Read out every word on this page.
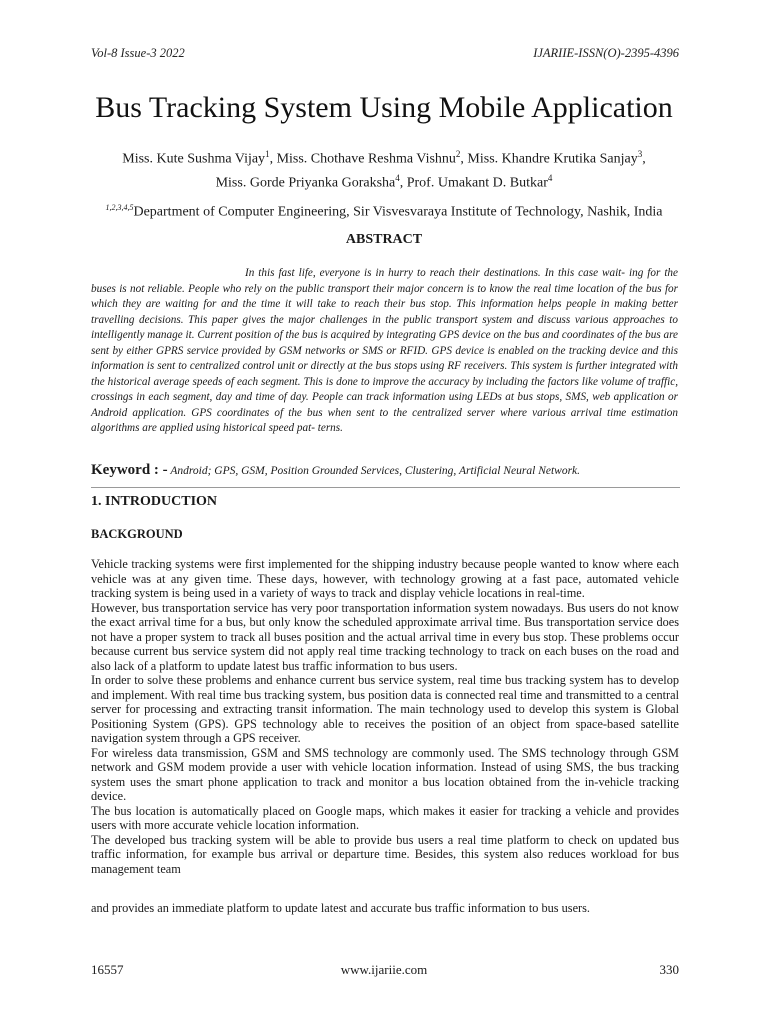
Vol-8 Issue-3 2022	IJARIIE-ISSN(O)-2395-4396
Bus Tracking System Using Mobile Application
Miss. Kute Sushma Vijay$^1$, Miss. Chothave Reshma Vishnu$^2$, Miss. Khandre Krutika Sanjay$^3$,
Miss. Gorde Priyanka Goraksha$^4$, Prof. Umakant D. Butkar$^4$
$^{1,2,3,4,5}$Department of Computer Engineering, Sir Visvesvaraya Institute of Technology, Nashik, India
ABSTRACT

In this fast life, everyone is in hurry to reach their destinations. In this case wait- ing for the buses is not reliable. People who rely on the public transport their major concern is to know the real time location of the bus for which they are waiting for and the time it will take to reach their bus stop. This information helps people in making better travelling decisions. This paper gives the major challenges in the public transport system and discuss various approaches to intelligently manage it. Current position of the bus is acquired by integrating GPS device on the bus and coordinates of the bus are sent by either GPRS service provided by GSM networks or SMS or RFID. GPS device is enabled on the tracking device and this information is sent to centralized control unit or directly at the bus stops using RF receivers. This system is further integrated with the historical average speeds of each segment. This is done to improve the accuracy by including the factors like volume of traffic, crossings in each segment, day and time of day. People can track information using LEDs at bus stops, SMS, web application or Android application. GPS coordinates of the bus when sent to the centralized server where various arrival time estimation algorithms are applied using historical speed pat- terns.

Keyword : - Android; GPS, GSM, Position Grounded Services, Clustering, Artificial Neural Network.
1. INTRODUCTION
BACKGROUND

Vehicle tracking systems were first implemented for the shipping industry because people wanted to know where each vehicle was at any given time. These days, however, with technology growing at a fast pace, automated vehicle tracking system is being used in a variety of ways to track and display vehicle locations in real-time.

However, bus transportation service has very poor transportation information system nowadays. Bus users do not know the exact arrival time for a bus, but only know the scheduled approximate arrival time. Bus transportation service does not have a proper system to track all buses position and the actual arrival time in every bus stop. These problems occur because current bus service system did not apply real time tracking technology to track on each buses on the road and also lack of a platform to update latest bus traffic information to bus users.

In order to solve these problems and enhance current bus service system, real time bus tracking system has to develop and implement. With real time bus tracking system, bus position data is connected real time and transmitted to a central server for processing and extracting transit information. The main technology used to develop this system is Global Positioning System (GPS). GPS technology able to receives the position of an object from space-based satellite navigation system through a GPS receiver.

For wireless data transmission, GSM and SMS technology are commonly used. The SMS technology through GSM network and GSM modem provide a user with vehicle location information. Instead of using SMS, the bus tracking system uses the smart phone application to track and monitor a bus location obtained from the in-vehicle tracking device.

The bus location is automatically placed on Google maps, which makes it easier for tracking a vehicle and provides users with more accurate vehicle location information.

The developed bus tracking system will be able to provide bus users a real time platform to check on updated bus traffic information, for example bus arrival or departure time. Besides, this system also reduces workload for bus management team

and provides an immediate platform to update latest and accurate bus traffic information to bus users.
16557	www.ijariie.com	330
